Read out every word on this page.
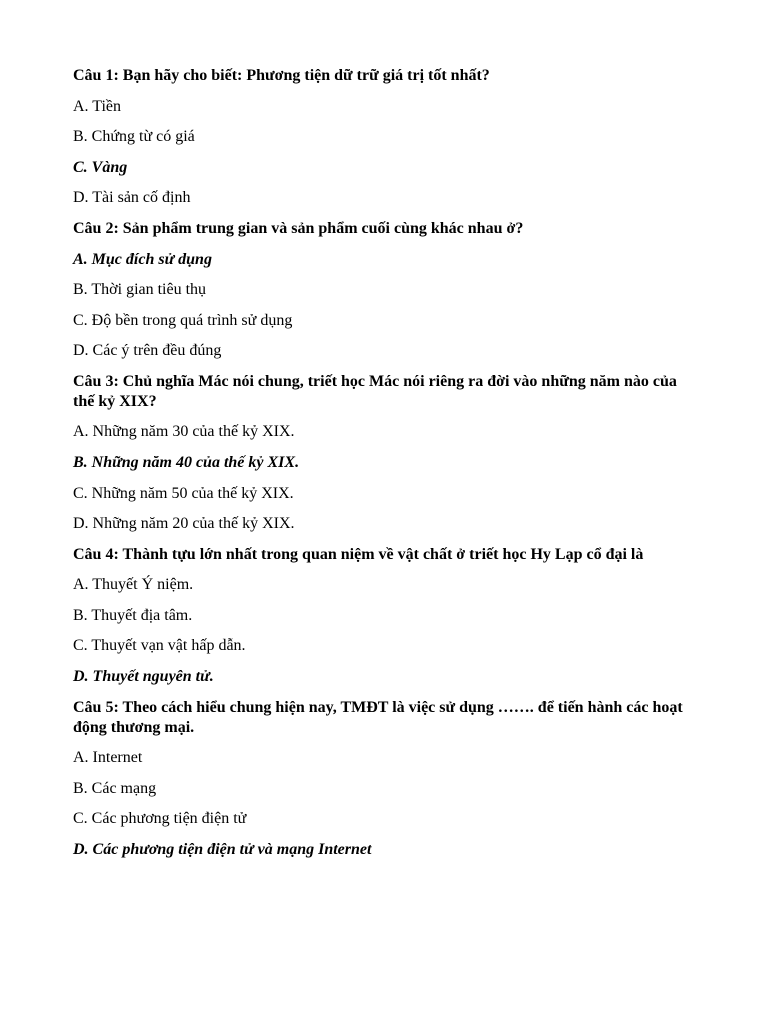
Câu 1: Bạn hãy cho biết: Phương tiện dữ trữ giá trị tốt nhất?
A. Tiền
B. Chứng từ có giá
C. Vàng
D. Tài sản cố định
Câu 2: Sản phẩm trung gian và sản phẩm cuối cùng khác nhau ở?
A. Mục đích sử dụng
B. Thời gian tiêu thụ
C. Độ bền trong quá trình sử dụng
D. Các ý trên đều đúng
Câu 3: Chủ nghĩa Mác nói chung, triết học Mác nói riêng ra đời vào những năm nào của thế kỷ XIX?
A. Những năm 30 của thế kỷ XIX.
B. Những năm 40 của thế kỷ XIX.
C. Những năm 50 của thế kỷ XIX.
D. Những năm 20 của thế kỷ XIX.
Câu 4: Thành tựu lớn nhất trong quan niệm về vật chất ở triết học Hy Lạp cổ đại là
A. Thuyết Ý niệm.
B. Thuyết địa tâm.
C. Thuyết vạn vật hấp dẫn.
D. Thuyết nguyên tử.
Câu 5: Theo cách hiểu chung hiện nay, TMĐT là việc sử dụng ……. để tiến hành các hoạt động thương mại.
A. Internet
B. Các mạng
C. Các phương tiện điện tử
D. Các phương tiện điện tử và mạng Internet
